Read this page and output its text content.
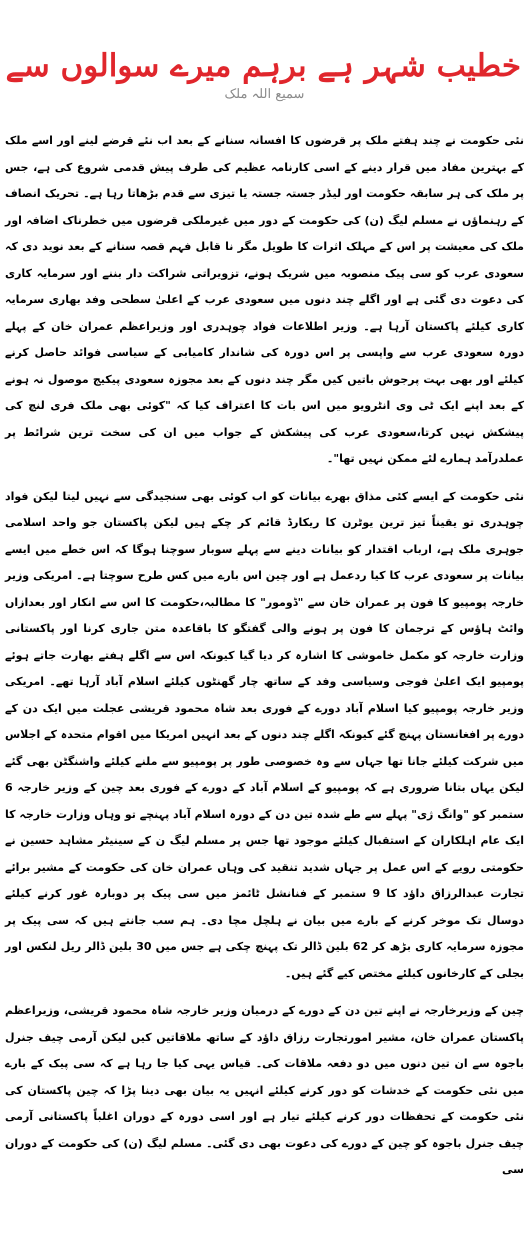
خطیب شہر ہے برہم میرے سوالوں سے
سمیع اللہ ملک

نئی حکومت نے چند ہفتے ملک پر قرضوں کا افسانہ سنانے کے بعد اب نئے قرضے لینے اور اسے ملک کے بہترین مفاد میں قرار دینے کے اسی کارنامہ عظیم کی طرف پیش قدمی شروع کی ہے، جس پر ملک کی ہر سابقہ حکومت اور لیڈر جستہ جستہ یا تیزی سے قدم بڑھاتا رہا ہے۔ تحریک انصاف کے رہنماؤں نے مسلم لیگ (ن) کی حکومت کے دور میں غیرملکی قرضوں میں خطرناک اضافہ اور ملک کی معیشت پر اس کے مہلک اثرات کا طویل مگر نا قابل فہم قصہ سنانے کے بعد نوید دی کہ سعودی عرب کو سی پیک منصوبہ میں شریک ہونے، تزویراتی شراکت دار بننے اور سرمایہ کاری کی دعوت دی گئی ہے اور اگلے چند دنوں میں سعودی عرب کے اعلیٰ سطحی وفد بھاری سرمایہ کاری کیلئے پاکستان آرہا ہے۔ وزیر اطلاعات فواد چوہدری اور وزیراعظم عمران خان کے پہلے دورہ سعودی عرب سے واپسی پر اس دورہ کی شاندار کامیابی کے سیاسی فوائد حاصل کرنے کیلئے اور بھی بہت پرجوش باتیں کیں مگر چند دنوں کے بعد مجوزہ سعودی پیکیج موصول نہ ہونے کے بعد اپنے ایک ٹی وی انٹرویو میں اس بات کا اعتراف کیا کہ "کوئی بھی ملک فری لنچ کی پیشکش نہیں کرتا،سعودی عرب کی پیشکش کے جواب میں ان کی سخت ترین شرائط پر عملدرآمد ہمارے لئے ممکن نہیں تھا"۔

نئی حکومت کے ایسے کئی مذاق بھرے بیانات کو اب کوئی بھی سنجیدگی سے نہیں لیتا لیکن فواد چوہدری تو یقیناً تیز ترین یوٹرن کا ریکارڈ قائم کر چکے ہیں لیکن پاکستان جو واحد اسلامی جوہری ملک ہے، ارباب اقتدار کو بیانات دینے سے پہلے سوبار سوچنا ہوگا کہ اس خطے میں ایسے بیانات پر سعودی عرب کا کیا ردعمل ہے اور چین اس بارے میں کس طرح سوچتا ہے۔ امریکی وزیر خارجہ پومپیو کا فون پر عمران خان سے "ڈومور" کا مطالبہ،حکومت کا اس سے انکار اور بعدازاں وائٹ ہاؤس کے ترجمان کا فون پر ہونے والی گفتگو کا باقاعدہ متن جاری کرنا اور پاکستانی وزارت خارجہ کو مکمل خاموشی کا اشارہ کر دیا گیا کیونکہ اس سے اگلے ہفتے بھارت جاتے ہوئے پومپیو ایک اعلیٰ فوجی وسیاسی وفد کے ساتھ چار گھنٹوں کیلئے اسلام آباد آرہا تھے۔ امریکی وزیر خارجہ پومپیو کیا اسلام آباد دورے کے فوری بعد شاہ محمود قریشی عجلت میں ایک دن کے دورے پر افغانستان پہنچ گئے کیونکہ اگلے چند دنوں کے بعد انہیں امریکا میں اقوام متحدہ کے اجلاس میں شرکت کیلئے جانا تھا جہاں سے وہ خصوصی طور پر پومپیو سے ملنے کیلئے واشنگٹن بھی گئے لیکن یہاں بتانا ضروری ہے کہ پومپیو کے اسلام آباد کے دورے کے فوری بعد چین کے وزیر خارجہ 6 ستمبر کو "وانگ ژی" پہلے سے طے شدہ تین دن کے دورہ اسلام آباد پہنچے تو وہاں وزارت خارجہ کا ایک عام اہلکاران کے استقبال کیلئے موجود تھا جس پر مسلم لیگ ن کے سینیٹر مشاہد حسین نے حکومتی رویے کے اس عمل پر جہاں شدید تنقید کی وہاں عمران خان کی حکومت کے مشیر برائے تجارت عبدالرزاق داؤد کا 9 ستمبر کے فنانشل ٹائمز میں سی پیک پر دوبارہ غور کرنے کیلئے دوسال تک موخر کرنے کے بارے میں بیان نے ہلچل مچا دی۔ ہم سب جانتے ہیں کہ سی پیک پر مجوزہ سرمایہ کاری بڑھ کر 62 بلین ڈالر تک پہنچ چکی ہے جس میں 30 بلین ڈالر ریل لنکس اور بجلی کے کارخانوں کیلئے مختص کیے گئے ہیں۔

چین کے وزیرخارجہ نے اپنے تین دن کے دورے کے درمیان وزیر خارجہ شاہ محمود قریشی، وزیراعظم پاکستان عمران خان، مشیر امورتجارت رزاق داؤد کے ساتھ ملاقاتیں کیں لیکن آرمی چیف جنرل باجوہ سے ان تین دنوں میں دو دفعہ ملاقات کی۔ قیاس یہی کیا جا رہا ہے کہ سی پیک کے بارے میں نئی حکومت کے خدشات کو دور کرنے کیلئے انہیں یہ بیان بھی دینا پڑا کہ چین پاکستان کی نئی حکومت کے تحفظات دور کرنے کیلئے تیار ہے اور اسی دورہ کے دوران اغلباً پاکستانی آرمی چیف جنرل باجوہ کو چین کے دورے کی دعوت بھی دی گئی۔ مسلم لیگ (ن) کی حکومت کے دوران سی
